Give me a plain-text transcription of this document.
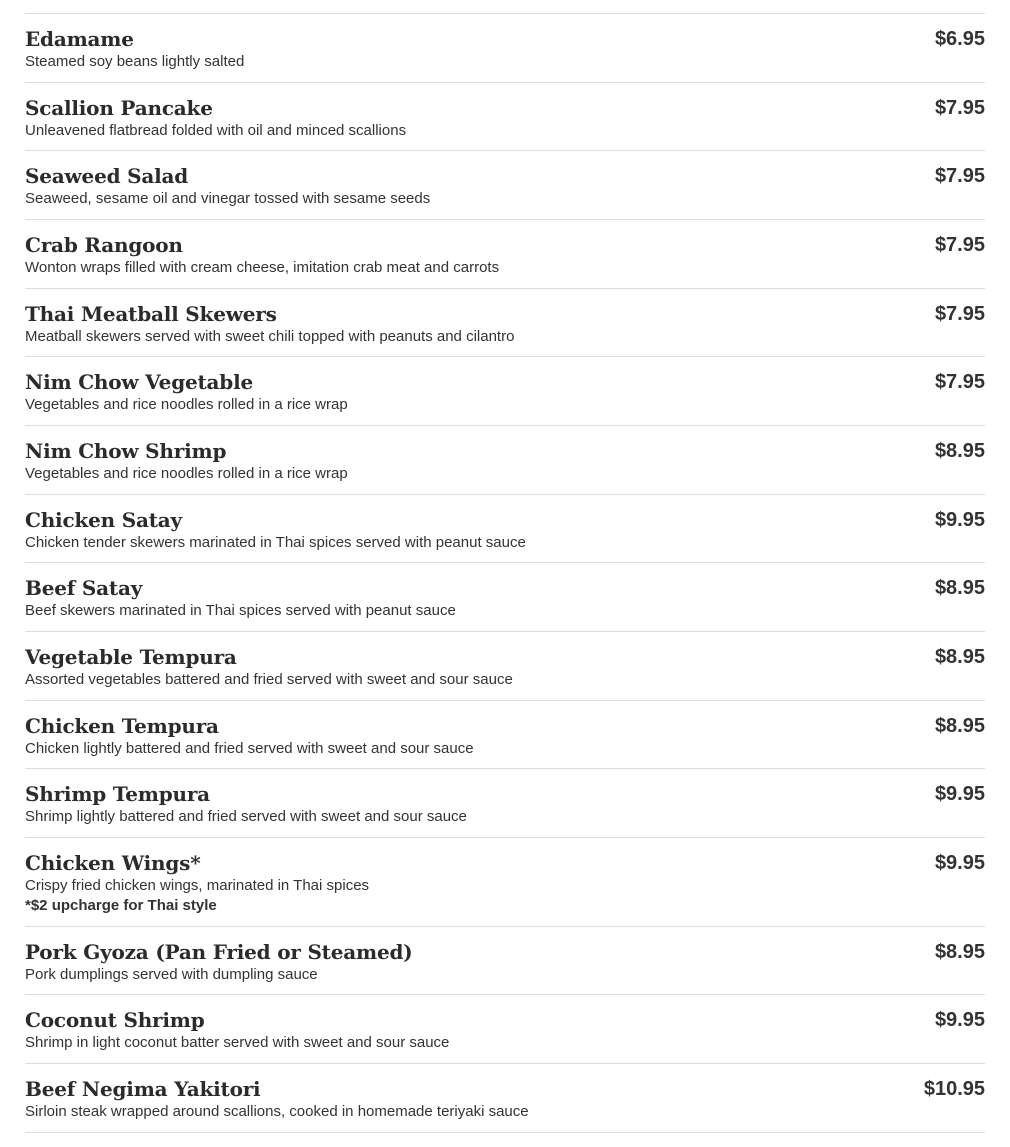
Edamame
Steamed soy beans lightly salted
$6.95
Scallion Pancake
Unleavened flatbread folded with oil and minced scallions
$7.95
Seaweed Salad
Seaweed, sesame oil and vinegar tossed with sesame seeds
$7.95
Crab Rangoon
Wonton wraps filled with cream cheese, imitation crab meat and carrots
$7.95
Thai Meatball Skewers
Meatball skewers served with sweet chili topped with peanuts and cilantro
$7.95
Nim Chow Vegetable
Vegetables and rice noodles rolled in a rice wrap
$7.95
Nim Chow Shrimp
Vegetables and rice noodles rolled in a rice wrap
$8.95
Chicken Satay
Chicken tender skewers marinated in Thai spices served with peanut sauce
$9.95
Beef Satay
Beef skewers marinated in Thai spices served with peanut sauce
$8.95
Vegetable Tempura
Assorted vegetables battered and fried served with sweet and sour sauce
$8.95
Chicken Tempura
Chicken lightly battered and fried served with sweet and sour sauce
$8.95
Shrimp Tempura
Shrimp lightly battered and fried served with sweet and sour sauce
$9.95
Chicken Wings*
Crispy fried chicken wings, marinated in Thai spices
*$2 upcharge for Thai style
$9.95
Pork Gyoza (Pan Fried or Steamed)
Pork dumplings served with dumpling sauce
$8.95
Coconut Shrimp
Shrimp in light coconut batter served with sweet and sour sauce
$9.95
Beef Negima Yakitori
Sirloin steak wrapped around scallions, cooked in homemade teriyaki sauce
$10.95
